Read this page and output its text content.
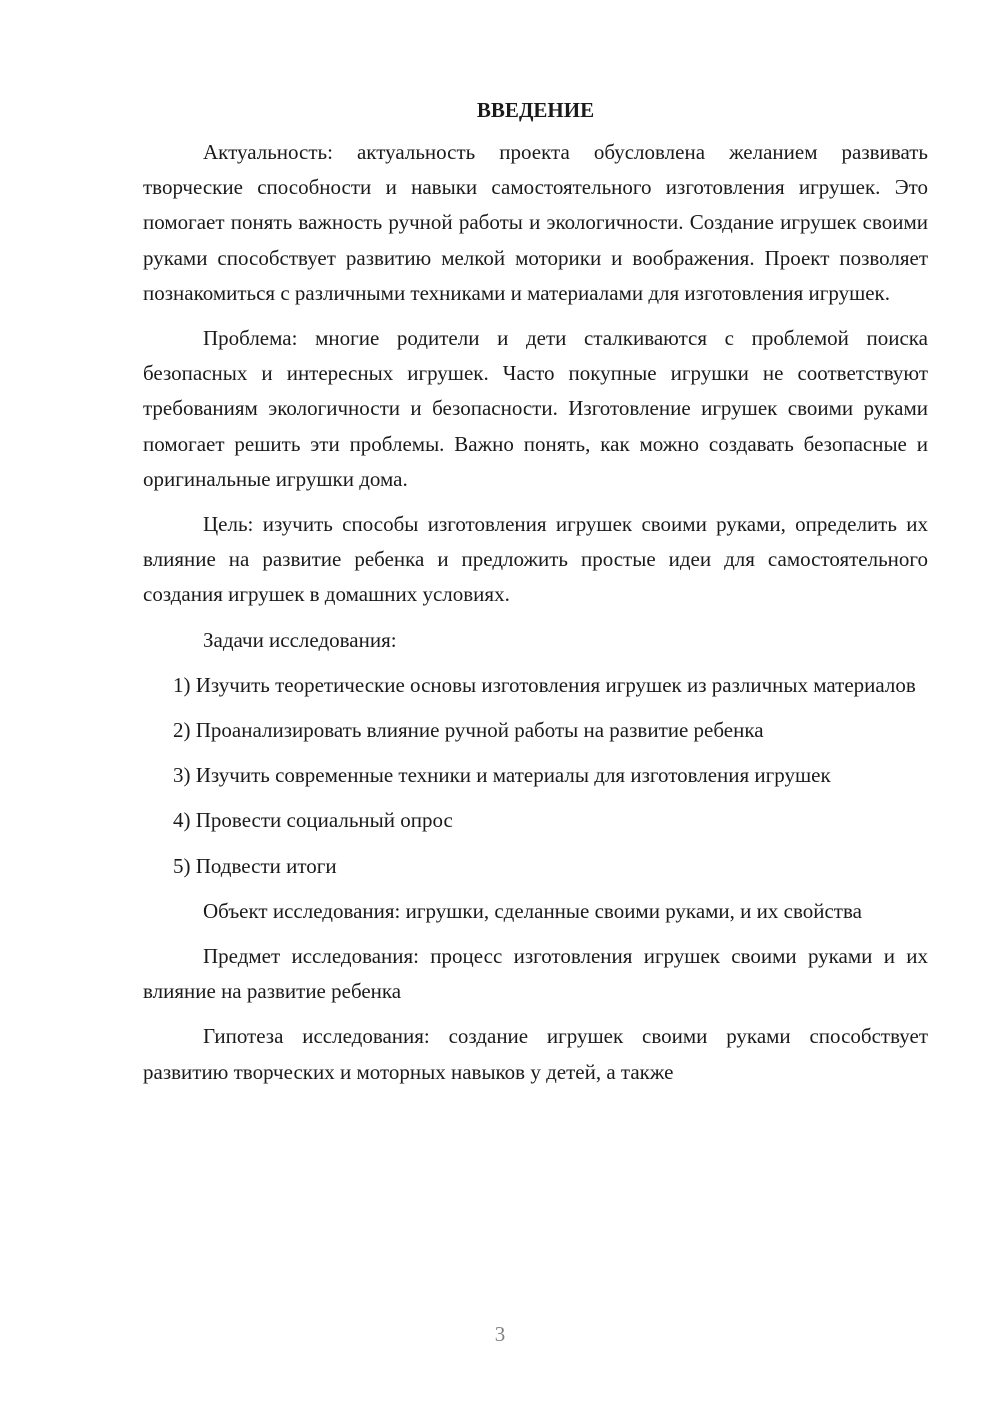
ВВЕДЕНИЕ

Актуальность: актуальность проекта обусловлена желанием развивать творческие способности и навыки самостоятельного изготовления игрушек. Это помогает понять важность ручной работы и экологичности. Создание игрушек своими руками способствует развитию мелкой моторики и воображения. Проект позволяет познакомиться с различными техниками и материалами для изготовления игрушек.

Проблема: многие родители и дети сталкиваются с проблемой поиска безопасных и интересных игрушек. Часто покупные игрушки не соответствуют требованиям экологичности и безопасности. Изготовление игрушек своими руками помогает решить эти проблемы. Важно понять, как можно создавать безопасные и оригинальные игрушки дома.

Цель: изучить способы изготовления игрушек своими руками, определить их влияние на развитие ребенка и предложить простые идеи для самостоятельного создания игрушек в домашних условиях.

Задачи исследования:

1) Изучить теоретические основы изготовления игрушек из различных материалов

2) Проанализировать влияние ручной работы на развитие ребенка

3) Изучить современные техники и материалы для изготовления игрушек

4) Провести социальный опрос

5) Подвести итоги

Объект исследования: игрушки, сделанные своими руками, и их свойства

Предмет исследования: процесс изготовления игрушек своими руками и их влияние на развитие ребенка

Гипотеза исследования: создание игрушек своими руками способствует развитию творческих и моторных навыков у детей, а также

3
